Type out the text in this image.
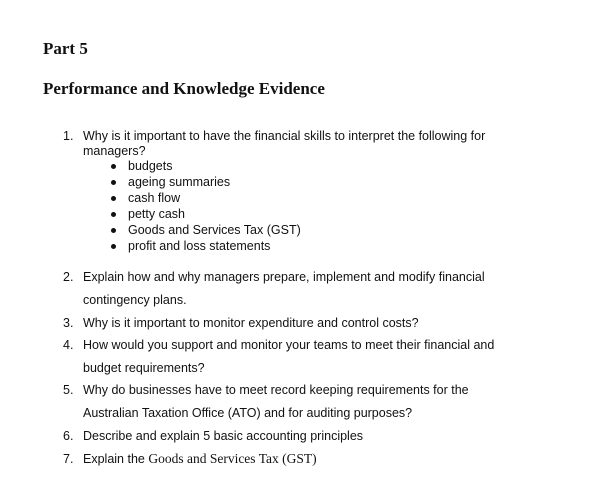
Part 5
Performance and Knowledge Evidence
1. Why is it important to have the financial skills to interpret the following for
managers?
budgets
ageing summaries
cash flow
petty cash
Goods and Services Tax (GST)
profit and loss statements
2. Explain how and why managers prepare, implement and modify financial
contingency plans.
3. Why is it important to monitor expenditure and control costs?
4. How would you support and monitor your teams to meet their financial and
budget requirements?
5. Why do businesses have to meet record keeping requirements for the
Australian Taxation Office (ATO) and for auditing purposes?
6. Describe and explain 5 basic accounting principles
7. Explain the Goods and Services Tax (GST)
